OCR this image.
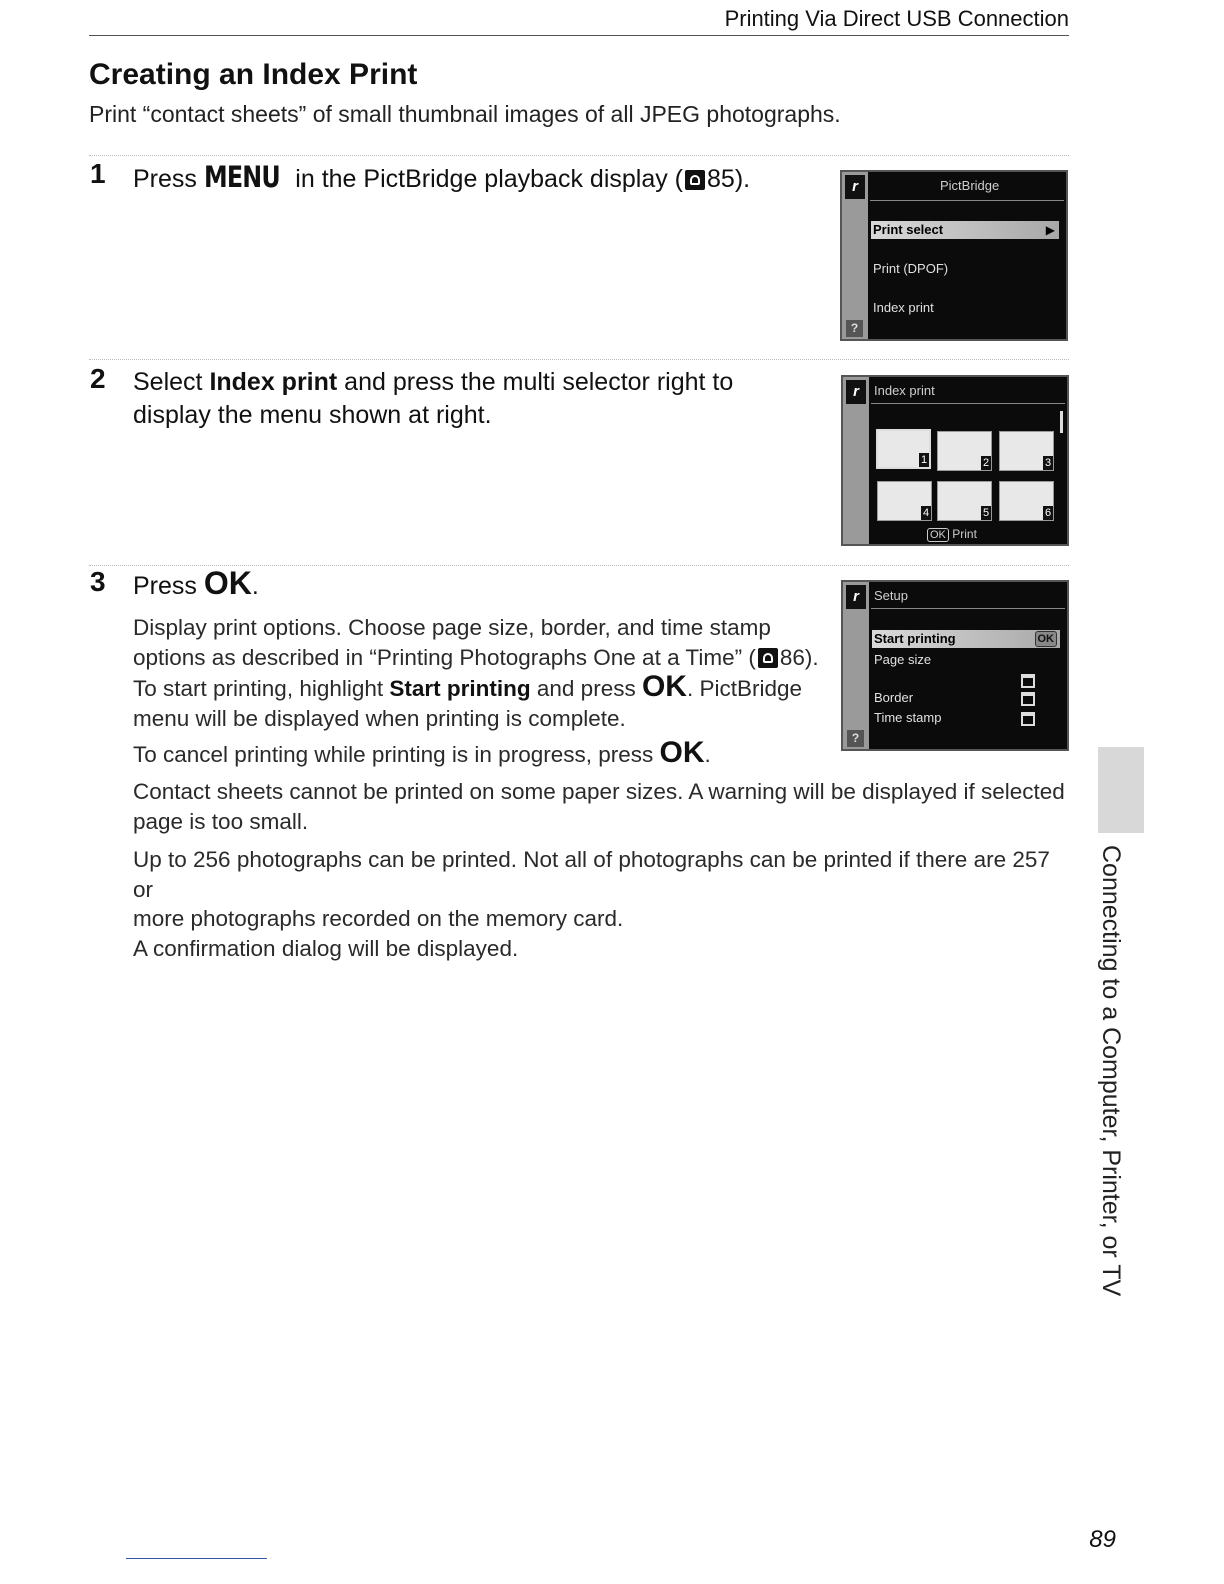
Printing Via Direct USB Connection
Creating an Index Print
Print “contact sheets” of small thumbnail images of all JPEG photographs.
1 Press MENU in the PictBridge playback display ( 85).	r	PictBridge
Print select	▶
Print (DPOF)
Index print
?
2 Select Index print and press the multi selector right to
display the menu shown at right.
r	Index print
1	2	3
4	5	6
OK Print
3 Press OK.
Display print options. Choose page size, border, and time stamp
options as described in “Printing Photographs One at a Time” ( 86).
To start printing, highlight Start printing and press OK. PictBridge
menu will be displayed when printing is complete.
To cancel printing while printing is in progress, press OK.
Contact sheets cannot be printed on some paper sizes. A warning will be displayed if selected
page is too small.
Up to 256 photographs can be printed. Not all of photographs can be printed if there are 257 or
more photographs recorded on the memory card.
A confirmation dialog will be displayed.
r	Setup
Start printing	OK
Page size
Border
Time stamp
?
Connecting to a Computer, Printer, or TV
89
